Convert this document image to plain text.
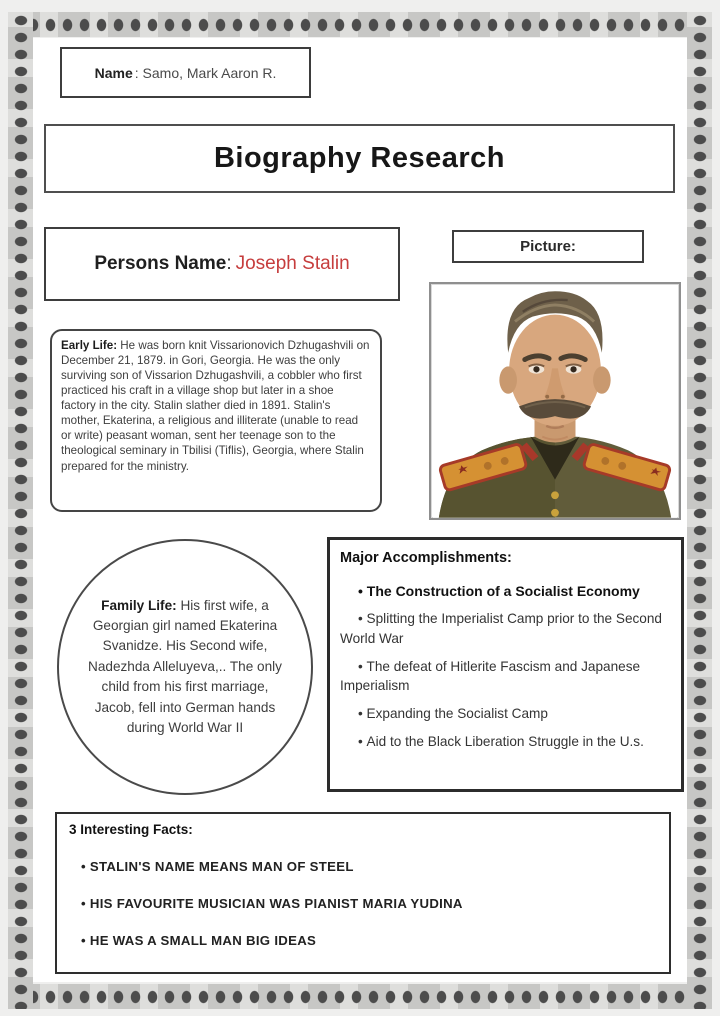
Name : Samo, Mark Aaron R.
Biography Research
Persons Name : Joseph Stalin
Picture:
Early Life: He was born knit Vissarionovich Dzhugashvili on December 21, 1879. in Gori, Georgia. He was the only surviving son of Vissarion Dzhugashvili, a cobbler who first practiced his craft in a village shop but later in a shoe factory in the city. Stalin slather died in 1891. Stalin's mother, Ekaterina, a religious and illiterate (unable to read or write) peasant woman, sent her teenage son to the theological seminary in Tbilisi (Tiflis), Georgia, where Stalin prepared for the ministry.
Family Life: His first wife, a Georgian girl named Ekaterina Svanidze. His Second wife, Nadezhda Alleluyeva,.. The only child from his first marriage, Jacob, fell into German hands during World War II
Major Accomplishments:
• The Construction of a Socialist Economy
• Splitting the Imperialist Camp prior to the Second World War
• The defeat of Hitlerite Fascism and Japanese Imperialism
• Expanding the Socialist Camp
• Aid to the Black Liberation Struggle in the U.s.
3 Interesting Facts:
• STALIN'S NAME MEANS MAN OF STEEL
• HIS FAVOURITE MUSICIAN WAS PIANIST MARIA YUDINA
• HE WAS A SMALL MAN BIG IDEAS
